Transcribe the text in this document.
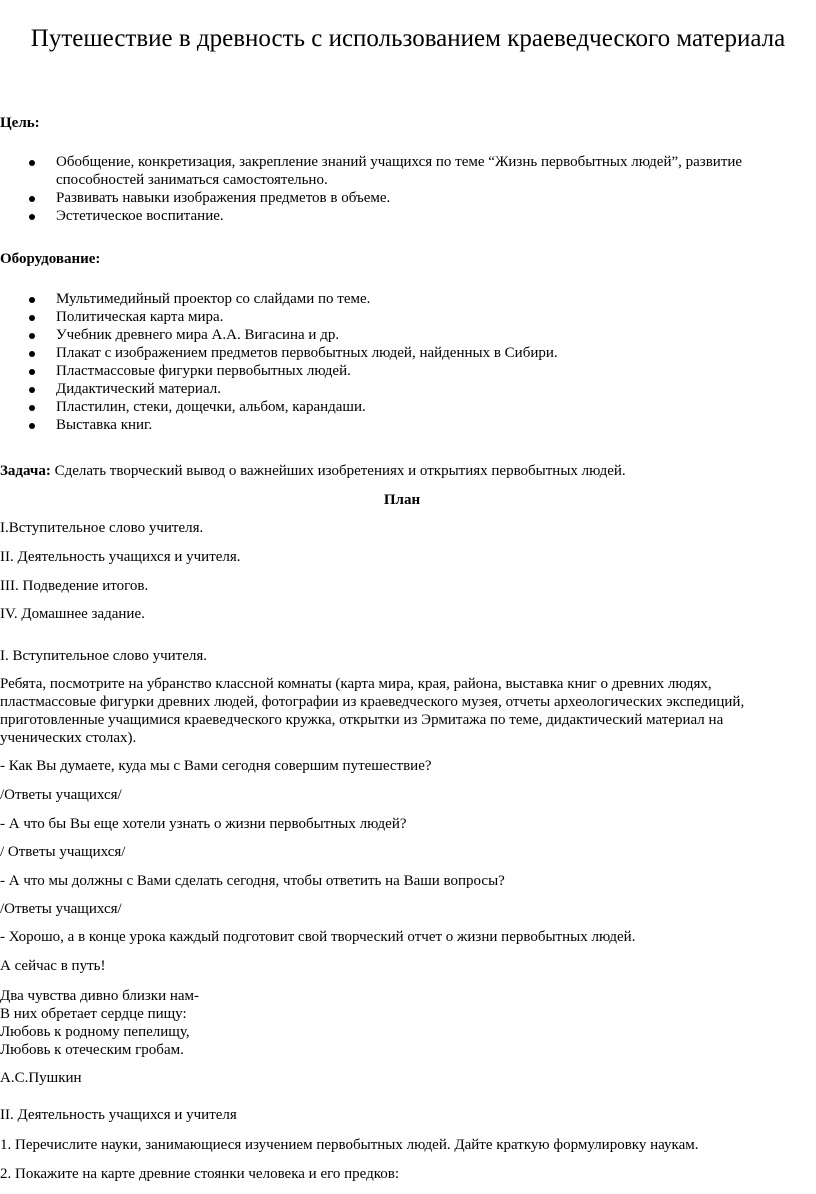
Путешествие в древность с использованием краеведческого материала

Цель:

Обобщение, конкретизация, закрепление знаний учащихся по теме “Жизнь первобытных людей”, развитие способностей заниматься самостоятельно.
Развивать навыки изображения предметов в объеме.
Эстетическое воспитание.

Оборудование:

Мультимедийный проектор со слайдами по теме.
Политическая карта мира.
Учебник древнего мира А.А. Вигасина и др.
Плакат с изображением предметов первобытных людей, найденных в Сибири.
Пластмассовые фигурки первобытных людей.
Дидактический материал.
Пластилин, стеки, дощечки, альбом, карандаши.
Выставка книг.

Задача: Сделать творческий вывод о важнейших изобретениях и открытиях первобытных людей.

План

I.Вступительное слово учителя.

II. Деятельность учащихся и учителя.

III. Подведение итогов.

IV. Домашнее задание.

I. Вступительное слово учителя.

Ребята, посмотрите на убранство классной комнаты (карта мира, края, района, выставка книг о древних людях, пластмассовые фигурки древних людей, фотографии из краеведческого музея, отчеты археологических экспедиций, приготовленные учащимися краеведческого кружка, открытки из Эрмитажа по теме, дидактический материал на ученических столах).

- Как Вы думаете, куда мы с Вами сегодня совершим путешествие?

/Ответы учащихся/

- А что бы Вы еще хотели узнать о жизни первобытных людей?

/ Ответы учащихся/

- А что мы должны с Вами сделать сегодня, чтобы ответить на Ваши вопросы?

/Ответы учащихся/

- Хорошо, а в конце урока каждый подготовит свой творческий отчет о жизни первобытных людей.

А сейчас в путь!

Два чувства дивно близки нам-

В них обретает сердце пищу:

Любовь к родному пепелищу,

Любовь к отеческим гробам.

А.С.Пушкин

II. Деятельность учащихся и учителя

1. Перечислите науки, занимающиеся изучением первобытных людей. Дайте краткую формулировку наукам.

2. Покажите на карте древние стоянки человека и его предков:
